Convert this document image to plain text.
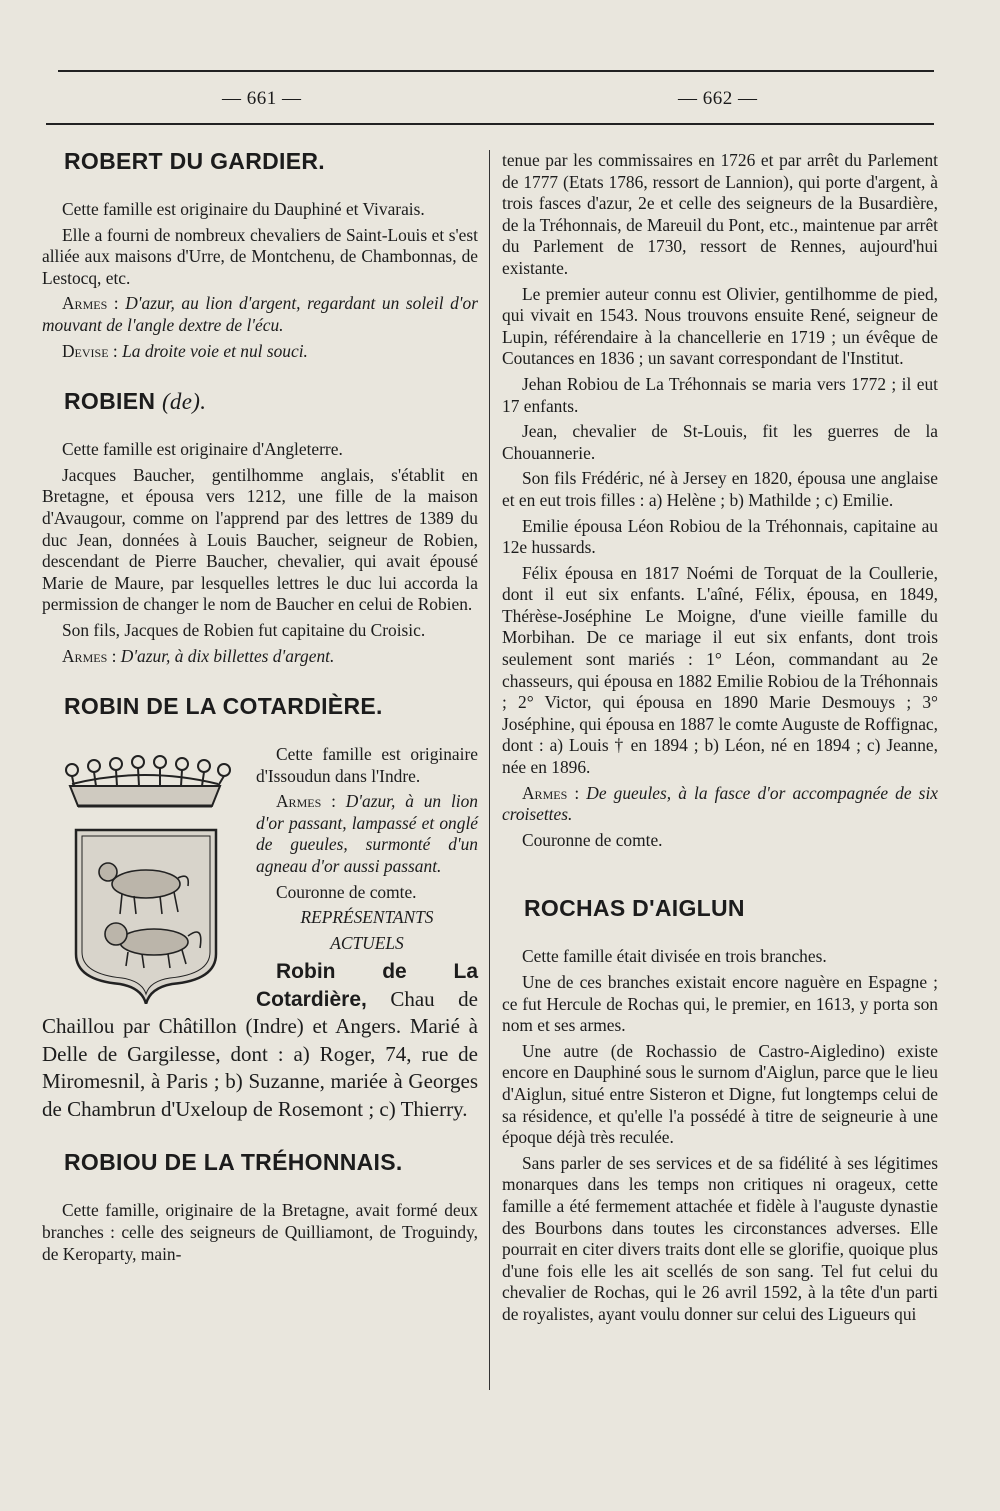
— 661 —	— 662 —
ROBERT DU GARDIER.

Cette famille est originaire du Dauphiné et Vivarais.

Elle a fourni de nombreux chevaliers de Saint-Louis et s'est alliée aux maisons d'Urre, de Montchenu, de Chambonnas, de Lestocq, etc.

Armes : D'azur, au lion d'argent, regardant un soleil d'or mouvant de l'angle dextre de l'écu.

Devise : La droite voie et nul souci.

ROBIEN (de).

Cette famille est originaire d'Angleterre.

Jacques Baucher, gentilhomme anglais, s'établit en Bretagne, et épousa vers 1212, une fille de la maison d'Avaugour, comme on l'apprend par des lettres de 1389 du duc Jean, données à Louis Baucher, seigneur de Robien, descendant de Pierre Baucher, chevalier, qui avait épousé Marie de Maure, par lesquelles lettres le duc lui accorda la permission de changer le nom de Baucher en celui de Robien.

Son fils, Jacques de Robien fut capitaine du Croisic.

Armes : D'azur, à dix billettes d'argent.

ROBIN DE LA COTARDIÈRE.

Cette famille est originaire d'Issoudun dans l'Indre.

Armes : D'azur, à un lion d'or passant, lampassé et onglé de gueules, surmonté d'un agneau d'or aussi passant.

Couronne de comte.

REPRÉSENTANTS

ACTUELS

Robin de La Cotardière, Chau de Chaillou par Châtillon (Indre) et Angers. Marié à Delle de Gargilesse, dont : a) Roger, 74, rue de Miromesnil, à Paris ; b) Suzanne, mariée à Georges de Chambrun d'Uxeloup de Rosemont ; c) Thierry.

ROBIOU DE LA TRÉHONNAIS.

Cette famille, originaire de la Bretagne, avait formé deux branches : celle des seigneurs de Quilliamont, de Troguindy, de Keroparty, main-

tenue par les commissaires en 1726 et par arrêt du Parlement de 1777 (Etats 1786, ressort de Lannion), qui porte d'argent, à trois fasces d'azur, 2e et celle des seigneurs de la Busardière, de la Tréhonnais, de Mareuil du Pont, etc., maintenue par arrêt du Parlement de 1730, ressort de Rennes, aujourd'hui existante.

Le premier auteur connu est Olivier, gentilhomme de pied, qui vivait en 1543. Nous trouvons ensuite René, seigneur de Lupin, référendaire à la chancellerie en 1719 ; un évêque de Coutances en 1836 ; un savant correspondant de l'Institut.

Jehan Robiou de La Tréhonnais se maria vers 1772 ; il eut 17 enfants.

Jean, chevalier de St-Louis, fit les guerres de la Chouannerie.

Son fils Frédéric, né à Jersey en 1820, épousa une anglaise et en eut trois filles : a) Helène ; b) Mathilde ; c) Emilie.

Emilie épousa Léon Robiou de la Tréhonnais, capitaine au 12e hussards.

Félix épousa en 1817 Noémi de Torquat de la Coullerie, dont il eut six enfants. L'aîné, Félix, épousa, en 1849, Thérèse-Joséphine Le Moigne, d'une vieille famille du Morbihan. De ce mariage il eut six enfants, dont trois seulement sont mariés : 1° Léon, commandant au 2e chasseurs, qui épousa en 1882 Emilie Robiou de la Tréhonnais ; 2° Victor, qui épousa en 1890 Marie Desmouys ; 3° Joséphine, qui épousa en 1887 le comte Auguste de Roffignac, dont : a) Louis † en 1894 ; b) Léon, né en 1894 ; c) Jeanne, née en 1896.

Armes : De gueules, à la fasce d'or accompagnée de six croisettes.

Couronne de comte.

ROCHAS D'AIGLUN

Cette famille était divisée en trois branches.

Une de ces branches existait encore naguère en Espagne ; ce fut Hercule de Rochas qui, le premier, en 1613, y porta son nom et ses armes.

Une autre (de Rochassio de Castro-Aigledino) existe encore en Dauphiné sous le surnom d'Aiglun, parce que le lieu d'Aiglun, situé entre Sisteron et Digne, fut longtemps celui de sa résidence, et qu'elle l'a possédé à titre de seigneurie à une époque déjà très reculée.

Sans parler de ses services et de sa fidélité à ses légitimes monarques dans les temps non critiques ni orageux, cette famille a été fermement attachée et fidèle à l'auguste dynastie des Bourbons dans toutes les circonstances adverses. Elle pourrait en citer divers traits dont elle se glorifie, quoique plus d'une fois elle les ait scellés de son sang. Tel fut celui du chevalier de Rochas, qui le 26 avril 1592, à la tête d'un parti de royalistes, ayant voulu donner sur celui des Ligueurs qui
